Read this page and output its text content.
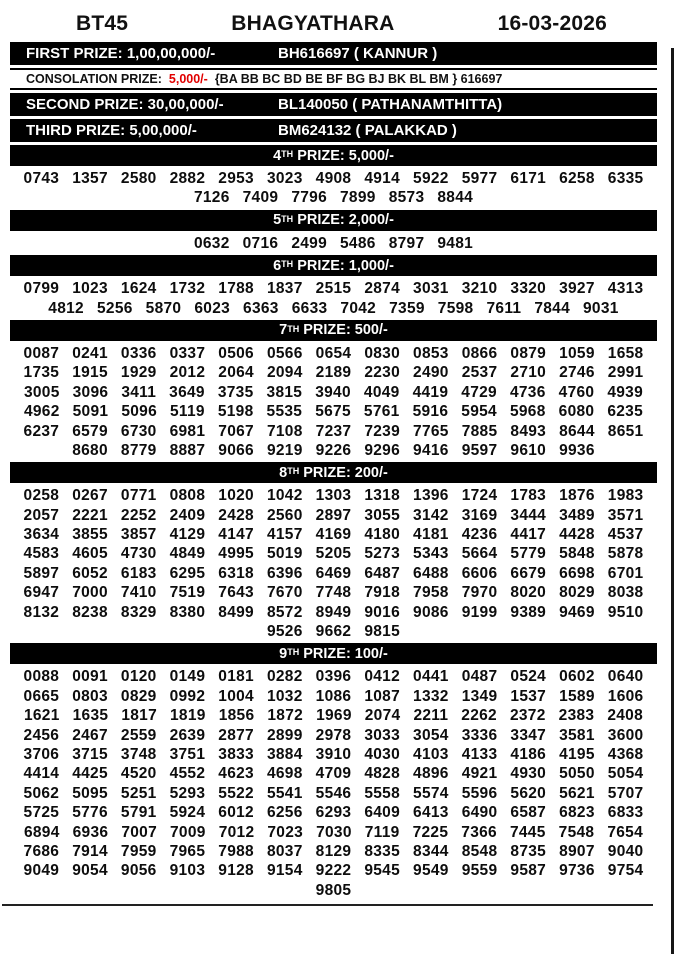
BT45	BHAGYATHARA	16-03-2026
FIRST PRIZE: 1,00,00,000/-	BH616697 ( KANNUR )
CONSOLATION PRIZE: 5,000/- {BA BB BC BD BE BF BG BJ BK BL BM } 616697
SECOND PRIZE: 30,00,000/-	BL140050 ( PATHANAMTHITTA)
THIRD PRIZE: 5,00,000/-	BM624132 ( PALAKKAD )
4 TH PRIZE: 5,000/-
0743 1357 2580 2882 2953 3023 4908 4914 5922 5977 6171 6258 6335
7126 7409 7796 7899 8573 8844
5 TH PRIZE: 2,000/-
0632 0716 2499 5486 8797 9481
6 TH PRIZE: 1,000/-
0799 1023 1624 1732 1788 1837 2515 2874 3031 3210 3320 3927 4313
4812 5256 5870 6023 6363 6633 7042 7359 7598 7611 7844 9031
7 TH PRIZE: 500/-
0087 0241 0336 0337 0506 0566 0654 0830 0853 0866 0879 1059 1658
1735 1915 1929 2012 2064 2094 2189 2230 2490 2537 2710 2746 2991
3005 3096 3411 3649 3735 3815 3940 4049 4419 4729 4736 4760 4939
4962 5091 5096 5119 5198 5535 5675 5761 5916 5954 5968 6080 6235
6237 6579 6730 6981 7067 7108 7237 7239 7765 7885 8493 8644 8651
8680 8779 8887 9066 9219 9226 9296 9416 9597 9610 9936
8 TH PRIZE: 200/-
0258 0267 0771 0808 1020 1042 1303 1318 1396 1724 1783 1876 1983
2057 2221 2252 2409 2428 2560 2897 3055 3142 3169 3444 3489 3571
3634 3855 3857 4129 4147 4157 4169 4180 4181 4236 4417 4428 4537
4583 4605 4730 4849 4995 5019 5205 5273 5343 5664 5779 5848 5878
5897 6052 6183 6295 6318 6396 6469 6487 6488 6606 6679 6698 6701
6947 7000 7410 7519 7643 7670 7748 7918 7958 7970 8020 8029 8038
8132 8238 8329 8380 8499 8572 8949 9016 9086 9199 9389 9469 9510
9526 9662 9815
9 TH PRIZE: 100/-
0088 0091 0120 0149 0181 0282 0396 0412 0441 0487 0524 0602 0640
0665 0803 0829 0992 1004 1032 1086 1087 1332 1349 1537 1589 1606
1621 1635 1817 1819 1856 1872 1969 2074 2211 2262 2372 2383 2408
2456 2467 2559 2639 2877 2899 2978 3033 3054 3336 3347 3581 3600
3706 3715 3748 3751 3833 3884 3910 4030 4103 4133 4186 4195 4368
4414 4425 4520 4552 4623 4698 4709 4828 4896 4921 4930 5050 5054
5062 5095 5251 5293 5522 5541 5546 5558 5574 5596 5620 5621 5707
5725 5776 5791 5924 6012 6256 6293 6409 6413 6490 6587 6823 6833
6894 6936 7007 7009 7012 7023 7030 7119 7225 7366 7445 7548 7654
7686 7914 7959 7965 7988 8037 8129 8335 8344 8548 8735 8907 9040
9049 9054 9056 9103 9128 9154 9222 9545 9549 9559 9587 9736 9754
9805
